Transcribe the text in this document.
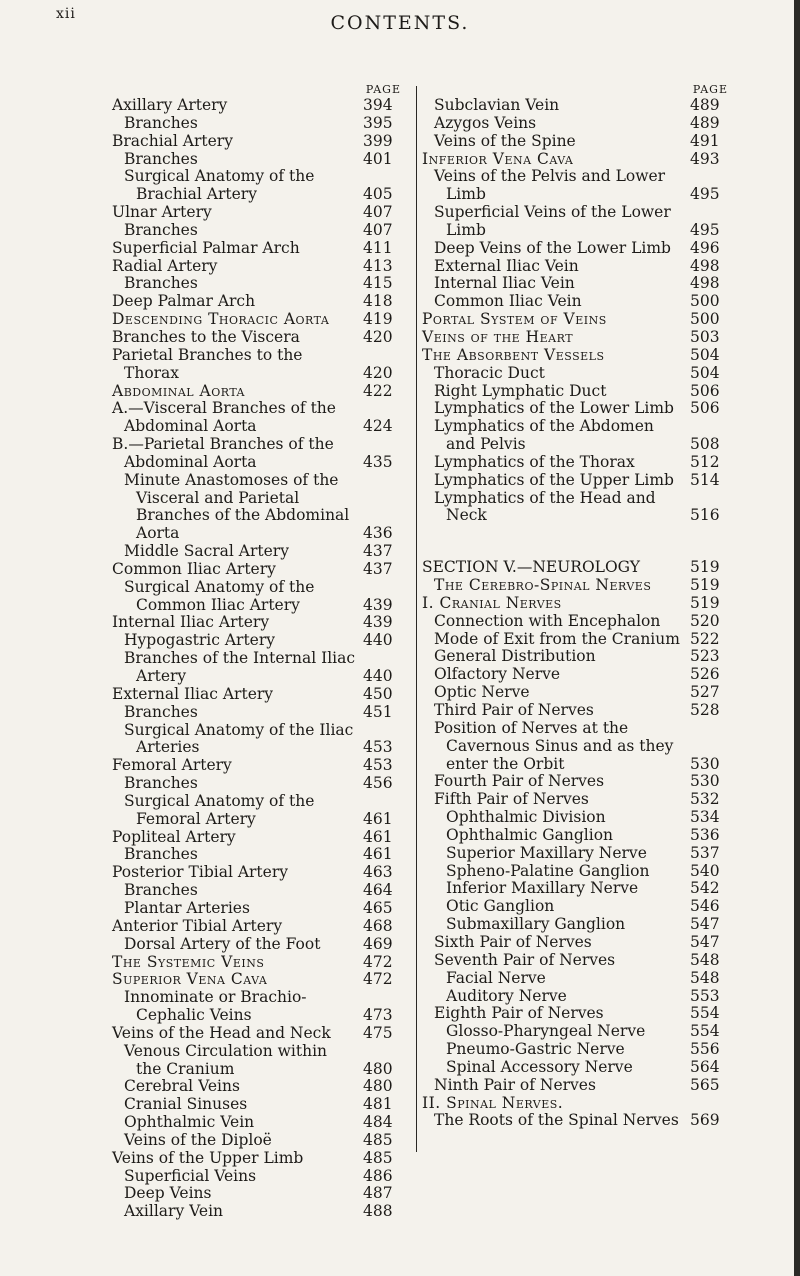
xii	CONTENTS.
PAGE
Axillary Artery	394
Branches	395
Brachial Artery	399
Branches	401
Surgical Anatomy of the Brachial Artery	405
Ulnar Artery	407
Branches	407
Superficial Palmar Arch	411
Radial Artery	413
Branches	415
Deep Palmar Arch	418
Descending Thoracic Aorta	419
Branches to the Viscera	420
Parietal Branches to the Thorax	420
Abdominal Aorta	422
A.—Visceral Branches of the Abdominal Aorta	424
B.—Parietal Branches of the Abdominal Aorta	435
Minute Anastomoses of the Visceral and Parietal Branches of the Abdominal Aorta	436
Middle Sacral Artery	437
Common Iliac Artery	437
Surgical Anatomy of the Common Iliac Artery	439
Internal Iliac Artery	439
Hypogastric Artery	440
Branches of the Internal Iliac Artery	440
External Iliac Artery	450
Branches	451
Surgical Anatomy of the Iliac Arteries	453
Femoral Artery	453
Branches	456
Surgical Anatomy of the Femoral Artery	461
Popliteal Artery	461
Branches	461
Posterior Tibial Artery	463
Branches	464
Plantar Arteries	465
Anterior Tibial Artery	468
Dorsal Artery of the Foot	469
The Systemic Veins	472
Superior Vena Cava	472
Innominate or Brachio-Cephalic Veins	473
Veins of the Head and Neck	475
Venous Circulation within the Cranium	480
Cerebral Veins	480
Cranial Sinuses	481
Ophthalmic Vein	484
Veins of the Diploë	485
Veins of the Upper Limb	485
Superficial Veins	486
Deep Veins	487
Axillary Vein	488
PAGE
Subclavian Vein	489
Azygos Veins	489
Veins of the Spine	491
Inferior Vena Cava	493
Veins of the Pelvis and Lower Limb	495
Superficial Veins of the Lower Limb	495
Deep Veins of the Lower Limb	496
External Iliac Vein	498
Internal Iliac Vein	498
Common Iliac Vein	500
Portal System of Veins	500
Veins of the Heart	503
The Absorbent Vessels	504
Thoracic Duct	504
Right Lymphatic Duct	506
Lymphatics of the Lower Limb	506
Lymphatics of the Abdomen and Pelvis	508
Lymphatics of the Thorax	512
Lymphatics of the Upper Limb	514
Lymphatics of the Head and Neck	516
SECTION V.—NEUROLOGY	519
The Cerebro-Spinal Nerves	519
I. Cranial Nerves	519
Connection with Encephalon	520
Mode of Exit from the Cranium 522
General Distribution	523
Olfactory Nerve	526
Optic Nerve	527
Third Pair of Nerves	528
Position of Nerves at the Cavernous Sinus and as they enter the Orbit	530
Fourth Pair of Nerves	530
Fifth Pair of Nerves	532
Ophthalmic Division	534
Ophthalmic Ganglion	536
Superior Maxillary Nerve	537
Spheno-Palatine Ganglion	540
Inferior Maxillary Nerve	542
Otic Ganglion	546
Submaxillary Ganglion	547
Sixth Pair of Nerves	547
Seventh Pair of Nerves	548
Facial Nerve	548
Auditory Nerve	553
Eighth Pair of Nerves	554
Glosso-Pharyngeal Nerve	554
Pneumo-Gastric Nerve	556
Spinal Accessory Nerve	564
Ninth Pair of Nerves	565
II. Spinal Nerves.
The Roots of the Spinal Nerves 569
